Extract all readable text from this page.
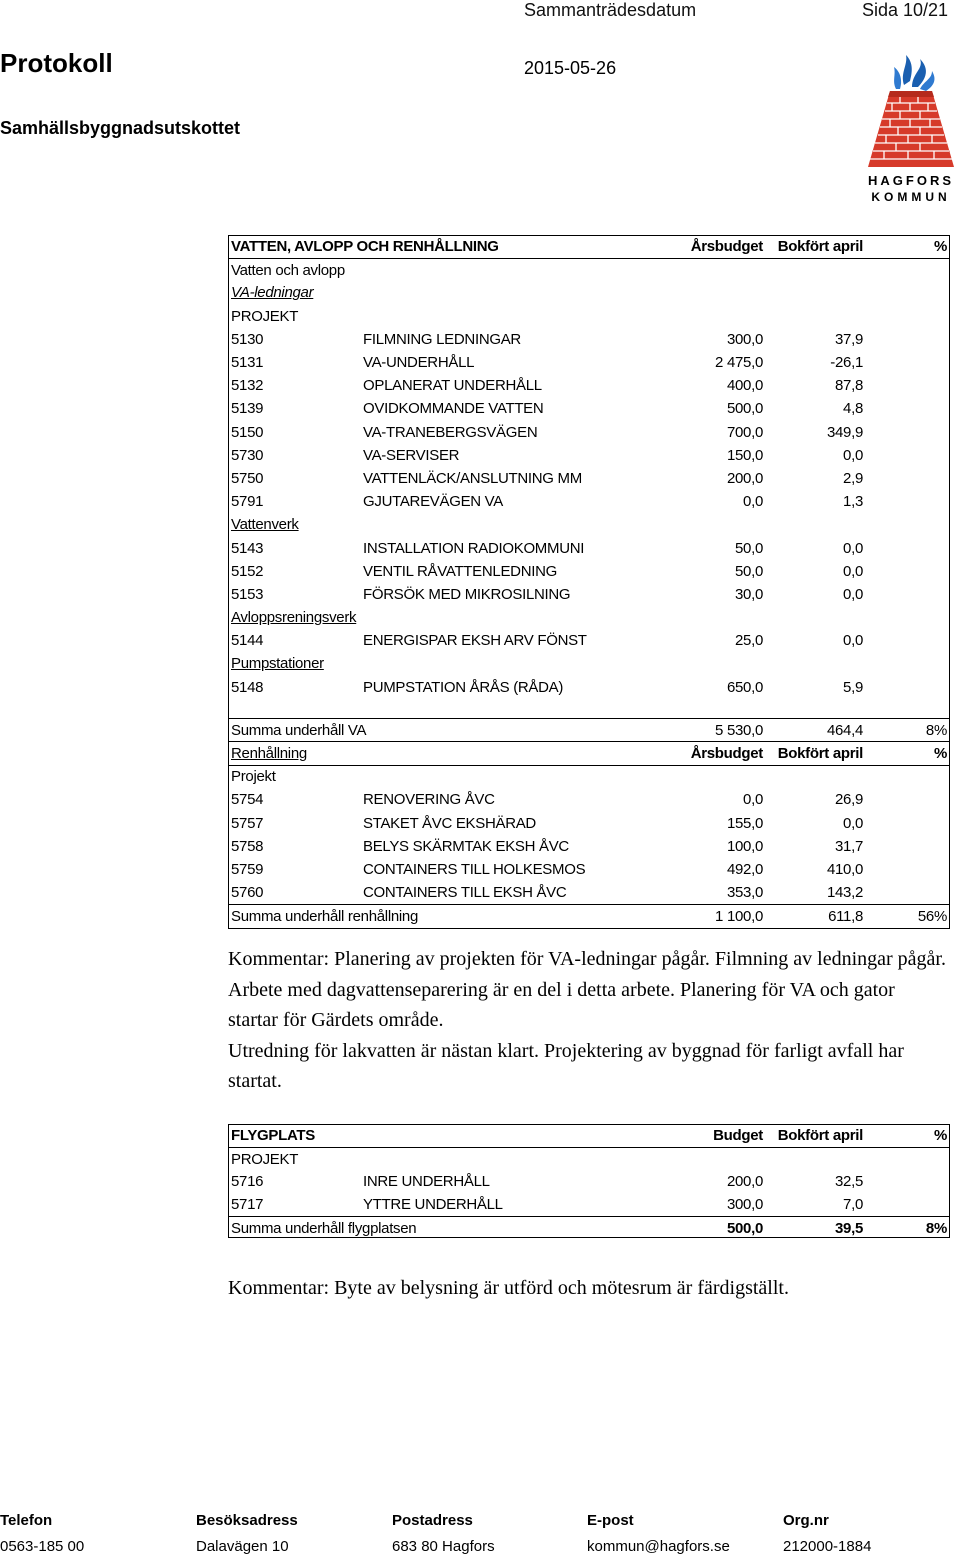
Sammanträdesdatum	Sida 10/21
Protokoll	2015-05-26
Samhällsbyggnadsutskottet
HAGFORS
KOMMUN
VATTEN, AVLOPP OCH RENHÅLLNING		Årsbudget	Bokfört april	%
Vatten och avlopp				
VA-ledningar				
PROJEKT				
5130	FILMNING LEDNINGAR	300,0	37,9	
5131	VA-UNDERHÅLL	2 475,0	-26,1	
5132	OPLANERAT UNDERHÅLL	400,0	87,8	
5139	OVIDKOMMANDE VATTEN	500,0	4,8	
5150	VA-TRANEBERGSVÄGEN	700,0	349,9	
5730	VA-SERVISER	150,0	0,0	
5750	VATTENLÄCK/ANSLUTNING MM	200,0	2,9	
5791	GJUTAREVÄGEN VA	0,0	1,3	
Vattenverk				
5143	INSTALLATION RADIOKOMMUNI	50,0	0,0	
5152	VENTIL RÅVATTENLEDNING	50,0	0,0	
5153	FÖRSÖK MED MIKROSILNING	30,0	0,0	
Avloppsreningsverk				
5144	ENERGISPAR EKSH ARV FÖNST	25,0	0,0	
Pumpstationer				
5148	PUMPSTATION ÅRÅS (RÅDA)	650,0	5,9	

Summa underhåll VA		5 530,0	464,4	8%
Renhållning		Årsbudget	Bokfört april	%
Projekt				
5754	RENOVERING ÅVC	0,0	26,9	
5757	STAKET ÅVC EKSHÄRAD	155,0	0,0	
5758	BELYS SKÄRMTAK EKSH ÅVC	100,0	31,7	
5759	CONTAINERS TILL HOLKESMOS	492,0	410,0	
5760	CONTAINERS TILL EKSH ÅVC	353,0	143,2	
Summa underhåll renhållning		1 100,0	611,8	56%
Kommentar: Planering av projekten för VA-ledningar pågår. Filmning av ledningar pågår. Arbete med dagvattenseparering är en del i detta arbete. Planering för VA och gator startar för Gärdets område.
Utredning för lakvatten är nästan klart. Projektering av byggnad för farligt avfall har startat.
FLYGPLATS		Budget	Bokfört april	%
PROJEKT				
5716	INRE UNDERHÅLL	200,0	32,5	
5717	YTTRE UNDERHÅLL	300,0	7,0	
Summa underhåll flygplatsen		500,0	39,5	8%
Kommentar: Byte av belysning är utförd och mötesrum är färdigställt.
Telefon
0563-185 00
Besöksadress
Dalavägen 10
Postadress
683 80 Hagfors
E-post
kommun@hagfors.se
Org.nr
212000-1884
